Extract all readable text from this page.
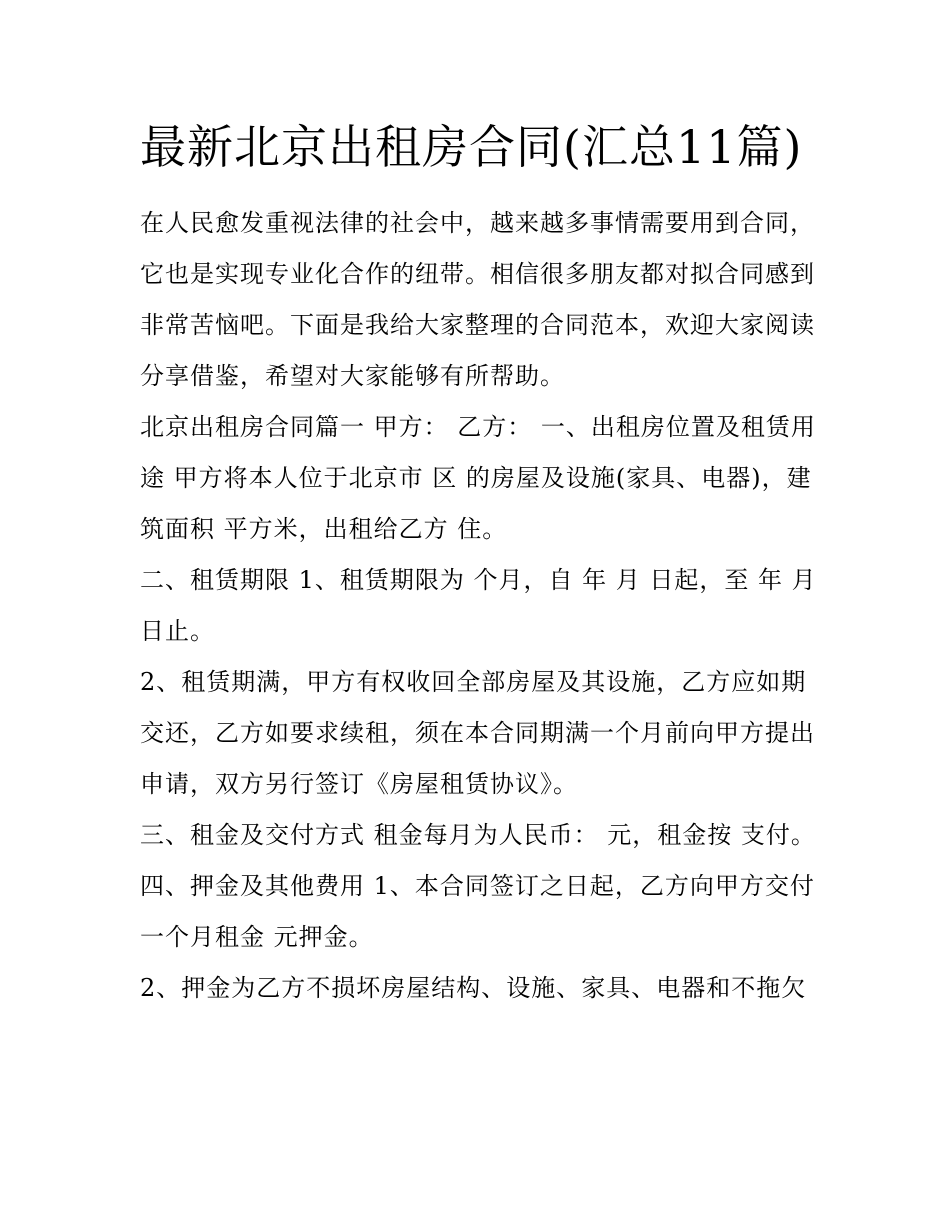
最新北京出租房合同(汇总11篇)

在人民愈发重视法律的社会中，越来越多事情需要用到合同，它也是实现专业化合作的纽带。相信很多朋友都对拟合同感到非常苦恼吧。下面是我给大家整理的合同范本，欢迎大家阅读分享借鉴，希望对大家能够有所帮助。

北京出租房合同篇一 甲方： 乙方： 一、出租房位置及租赁用途 甲方将本人位于北京市 区 的房屋及设施(家具、电器)，建筑面积 平方米，出租给乙方 住。

二、租赁期限 1、租赁期限为 个月，自 年 月 日起，至 年 月 日止。

2、租赁期满，甲方有权收回全部房屋及其设施，乙方应如期交还，乙方如要求续租，须在本合同期满一个月前向甲方提出申请，双方另行签订《房屋租赁协议》。

三、租金及交付方式 租金每月为人民币： 元，租金按 支付。

四、押金及其他费用 1、本合同签订之日起，乙方向甲方交付一个月租金 元押金。

2、押金为乙方不损坏房屋结构、设施、家具、电器和不拖欠
